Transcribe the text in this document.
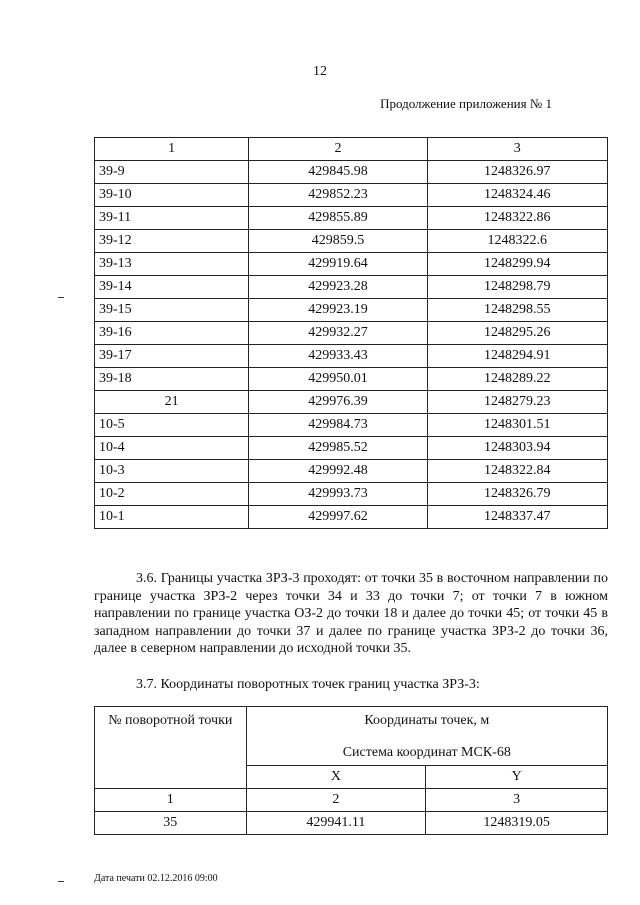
12
Продолжение приложения № 1
1	2	3
39-9	429845.98	1248326.97
39-10	429852.23	1248324.46
39-11	429855.89	1248322.86
39-12	429859.5	1248322.6
39-13	429919.64	1248299.94
39-14	429923.28	1248298.79
39-15	429923.19	1248298.55
39-16	429932.27	1248295.26
39-17	429933.43	1248294.91
39-18	429950.01	1248289.22
21	429976.39	1248279.23
10-5	429984.73	1248301.51
10-4	429985.52	1248303.94
10-3	429992.48	1248322.84
10-2	429993.73	1248326.79
10-1	429997.62	1248337.47
3.6. Границы участка ЗРЗ-3 проходят: от точки 35 в восточном направлении по границе участка ЗРЗ-2 через точки 34 и 33 до точки 7; от точки 7 в южном направлении по границе участка ОЗ-2 до точки 18 и далее до точки 45; от точки 45 в западном направлении до точки 37 и далее по границе участка ЗРЗ-2 до точки 36, далее в северном направлении до исходной точки 35.
3.7. Координаты поворотных точек границ участка ЗРЗ-3:
№ поворотной точки	Координаты точек, м
Система координат МСК-68	

	X	Y
1	2	3
35	429941.11	1248319.05
Дата печати 02.12.2016 09:00
